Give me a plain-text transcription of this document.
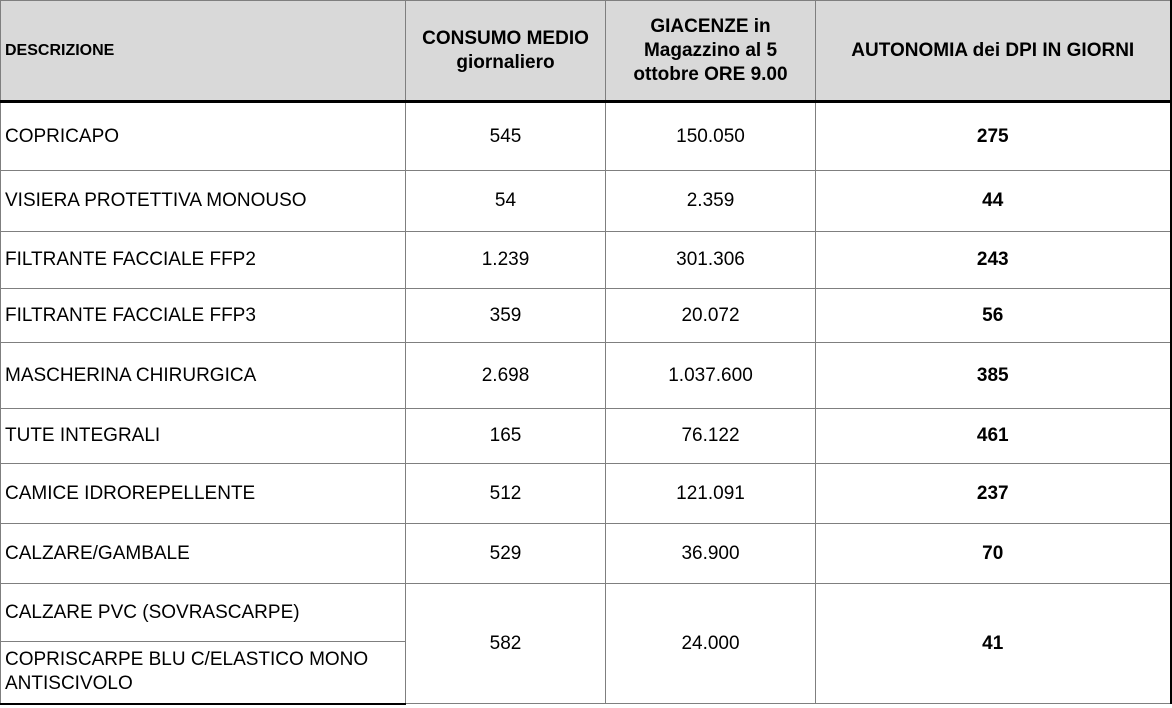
DESCRIZIONE	CONSUMO MEDIO giornaliero	GIACENZE in Magazzino al 5 ottobre ORE 9.00	AUTONOMIA dei DPI IN GIORNI
COPRICAPO	545	150.050	275
VISIERA PROTETTIVA MONOUSO	54	2.359	44
FILTRANTE FACCIALE FFP2	1.239	301.306	243
FILTRANTE FACCIALE FFP3	359	20.072	56
MASCHERINA CHIRURGICA	2.698	1.037.600	385
TUTE INTEGRALI	165	76.122	461
CAMICE IDROREPELLENTE	512	121.091	237
CALZARE/GAMBALE	529	36.900	70
CALZARE PVC (SOVRASCARPE)	582	24.000	41
COPRISCARPE BLU C/ELASTICO MONO ANTISCIVOLO			
